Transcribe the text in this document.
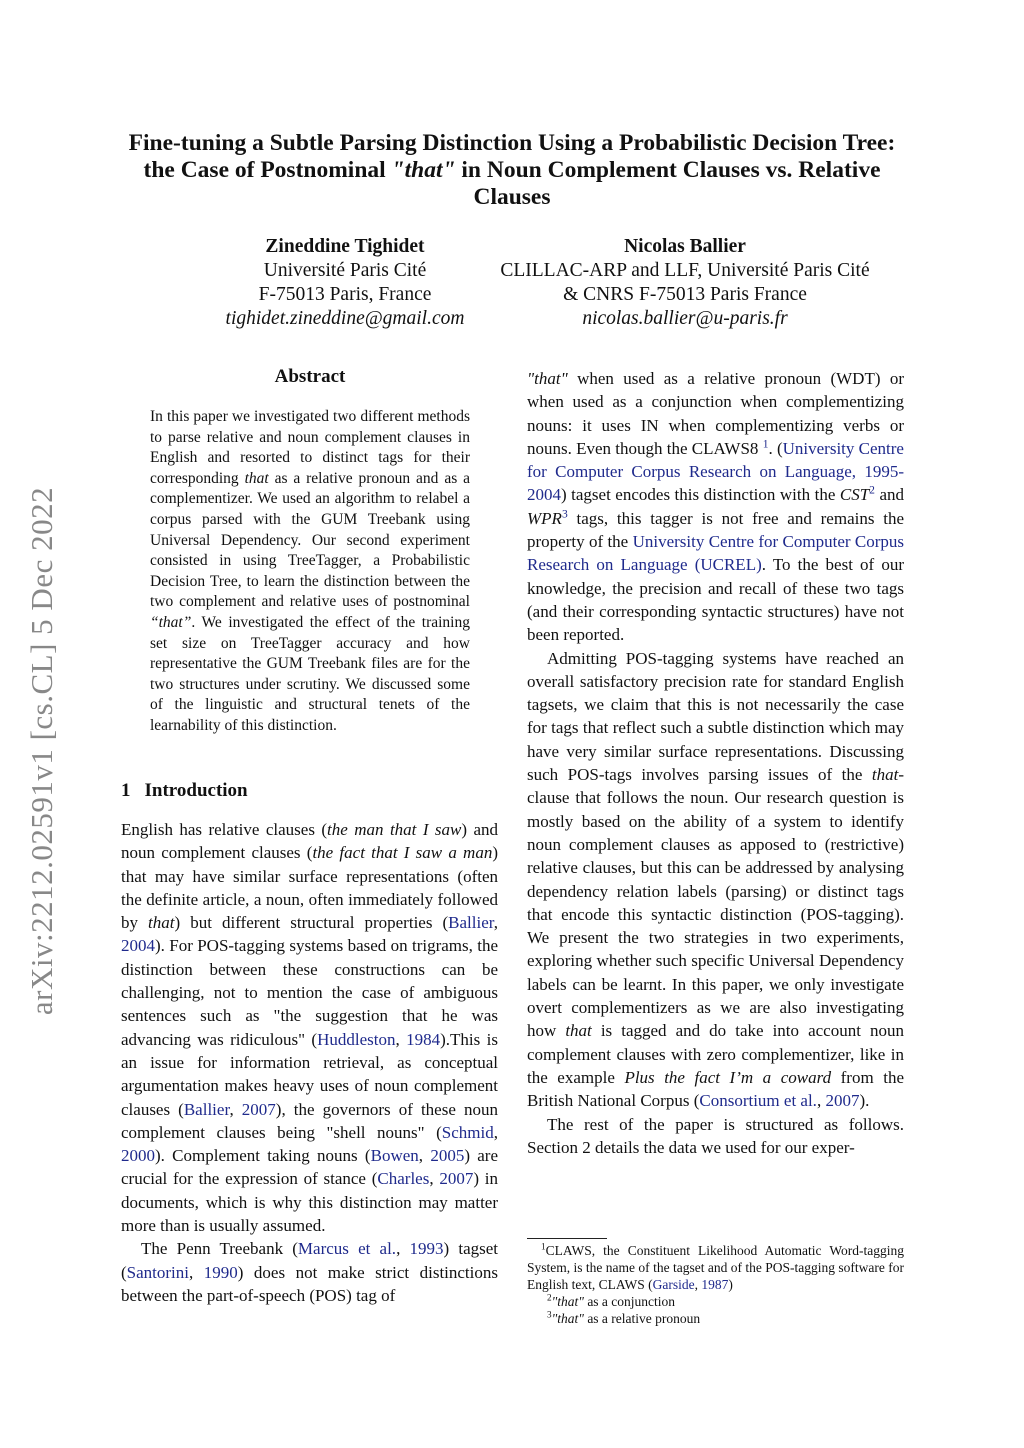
arXiv:2212.02591v1 [cs.CL] 5 Dec 2022
Fine-tuning a Subtle Parsing Distinction Using a Probabilistic Decision Tree: the Case of Postnominal "that" in Noun Complement Clauses vs. Relative Clauses
Zineddine Tighidet
Université Paris Cité
F-75013 Paris, France
tighidet.zineddine@gmail.com
Nicolas Ballier
CLILLAC-ARP and LLF, Université Paris Cité
& CNRS F-75013 Paris France
nicolas.ballier@u-paris.fr
Abstract
In this paper we investigated two different methods to parse relative and noun complement clauses in English and resorted to distinct tags for their corresponding that as a relative pronoun and as a complementizer. We used an algorithm to relabel a corpus parsed with the GUM Treebank using Universal Dependency. Our second experiment consisted in using TreeTagger, a Probabilistic Decision Tree, to learn the distinction between the two complement and relative uses of postnominal “that”. We investigated the effect of the training set size on TreeTagger accuracy and how representative the GUM Treebank files are for the two structures under scrutiny. We discussed some of the linguistic and structural tenets of the learnability of this distinction.
1 Introduction

English has relative clauses (the man that I saw) and noun complement clauses (the fact that I saw a man) that may have similar surface representations (often the definite article, a noun, often immediately followed by that) but different structural properties (Ballier, 2004). For POS-tagging systems based on trigrams, the distinction between these constructions can be challenging, not to mention the case of ambiguous sentences such as "the suggestion that he was advancing was ridiculous" (Huddleston, 1984).This is an issue for information retrieval, as conceptual argumentation makes heavy uses of noun complement clauses (Ballier, 2007), the governors of these noun complement clauses being "shell nouns" (Schmid, 2000). Complement taking nouns (Bowen, 2005) are crucial for the expression of stance (Charles, 2007) in documents, which is why this distinction may matter more than is usually assumed.

The Penn Treebank (Marcus et al., 1993) tagset (Santorini, 1990) does not make strict distinctions between the part-of-speech (POS) tag of

"that" when used as a relative pronoun (WDT) or when used as a conjunction when complementizing nouns: it uses IN when complementizing verbs or nouns. Even though the CLAWS8 $^1$. (University Centre for Computer Corpus Research on Language, 1995-2004) tagset encodes this distinction with the CST$^2$ and WPR$^3$ tags, this tagger is not free and remains the property of the University Centre for Computer Corpus Research on Language (UCREL). To the best of our knowledge, the precision and recall of these two tags (and their corresponding syntactic structures) have not been reported.

Admitting POS-tagging systems have reached an overall satisfactory precision rate for standard English tagsets, we claim that this is not necessarily the case for tags that reflect such a subtle distinction which may have very similar surface representations. Discussing such POS-tags involves parsing issues of the that-clause that follows the noun. Our research question is mostly based on the ability of a system to identify noun complement clauses as apposed to (restrictive) relative clauses, but this can be addressed by analysing dependency relation labels (parsing) or distinct tags that encode this syntactic distinction (POS-tagging). We present the two strategies in two experiments, exploring whether such specific Universal Dependency labels can be learnt. In this paper, we only investigate overt complementizers as we are also investigating how that is tagged and do take into account noun complement clauses with zero complementizer, like in the example Plus the fact I’m a coward from the British National Corpus (Consortium et al., 2007).

The rest of the paper is structured as follows. Section 2 details the data we used for our exper-

$^1$CLAWS, the Constituent Likelihood Automatic Word-tagging System, is the name of the tagset and of the POS-tagging software for English text, CLAWS (Garside, 1987)
$^2$"that" as a conjunction
$^3$"that" as a relative pronoun
